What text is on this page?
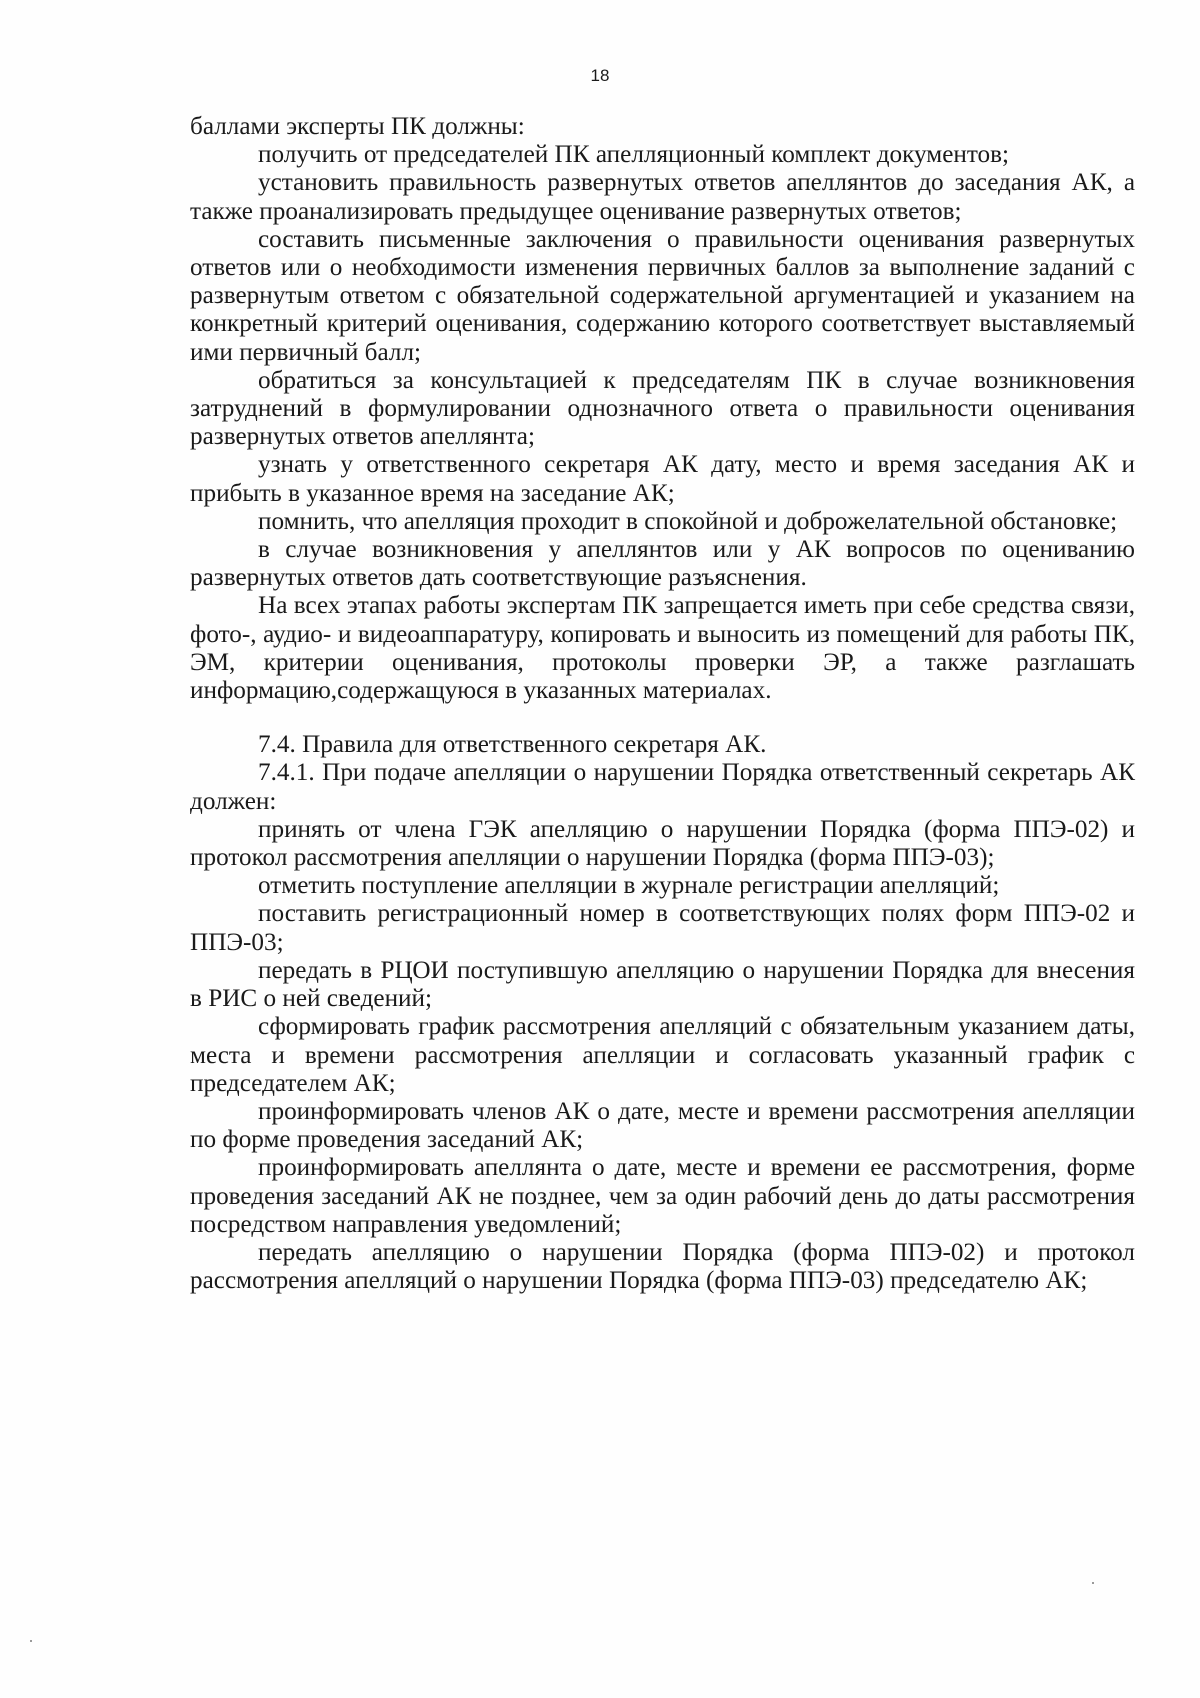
18

баллами эксперты ПК должны:

получить от председателей ПК апелляционный комплект документов;

установить правильность развернутых ответов апеллянтов до заседания АК, а также проанализировать предыдущее оценивание развернутых ответов;

составить письменные заключения о правильности оценивания развернутых ответов или о необходимости изменения первичных баллов за выполнение заданий с развернутым ответом с обязательной содержательной аргументацией и указанием на конкретный критерий оценивания, содержанию которого соответствует выставляемый ими первичный балл;

обратиться за консультацией к председателям ПК в случае возникновения затруднений в формулировании однозначного ответа о правильности оценивания развернутых ответов апеллянта;

узнать у ответственного секретаря АК дату, место и время заседания АК и прибыть в указанное время на заседание АК;

помнить, что апелляция проходит в спокойной и доброжелательной обстановке;

в случае возникновения у апеллянтов или у АК вопросов по оцениванию развернутых ответов дать соответствующие разъяснения.

На всех этапах работы экспертам ПК запрещается иметь при себе средства связи, фото-, аудио- и видеоаппаратуру, копировать и выносить из помещений для работы ПК, ЭМ, критерии оценивания, протоколы проверки ЭР, а также разглашать информацию,содержащуюся в указанных материалах.

7.4. Правила для ответственного секретаря АК.

7.4.1. При подаче апелляции о нарушении Порядка ответственный секретарь АК должен:

принять от члена ГЭК апелляцию о нарушении Порядка (форма ППЭ-02) и протокол рассмотрения апелляции о нарушении Порядка (форма ППЭ-03);

отметить поступление апелляции в журнале регистрации апелляций;

поставить регистрационный номер в соответствующих полях форм ППЭ-02 и ППЭ-03;

передать в РЦОИ поступившую апелляцию о нарушении Порядка для внесения в РИС о ней сведений;

сформировать график рассмотрения апелляций с обязательным указанием даты, места и времени рассмотрения апелляции и согласовать указанный график с председателем АК;

проинформировать членов АК о дате, месте и времени рассмотрения апелляции по форме проведения заседаний АК;

проинформировать апеллянта о дате, месте и времени ее рассмотрения, форме проведения заседаний АК не позднее, чем за один рабочий день до даты рассмотрения посредством направления уведомлений;

передать апелляцию о нарушении Порядка (форма ППЭ-02) и протокол рассмотрения апелляций о нарушении Порядка (форма ППЭ-03) председателю АК;
